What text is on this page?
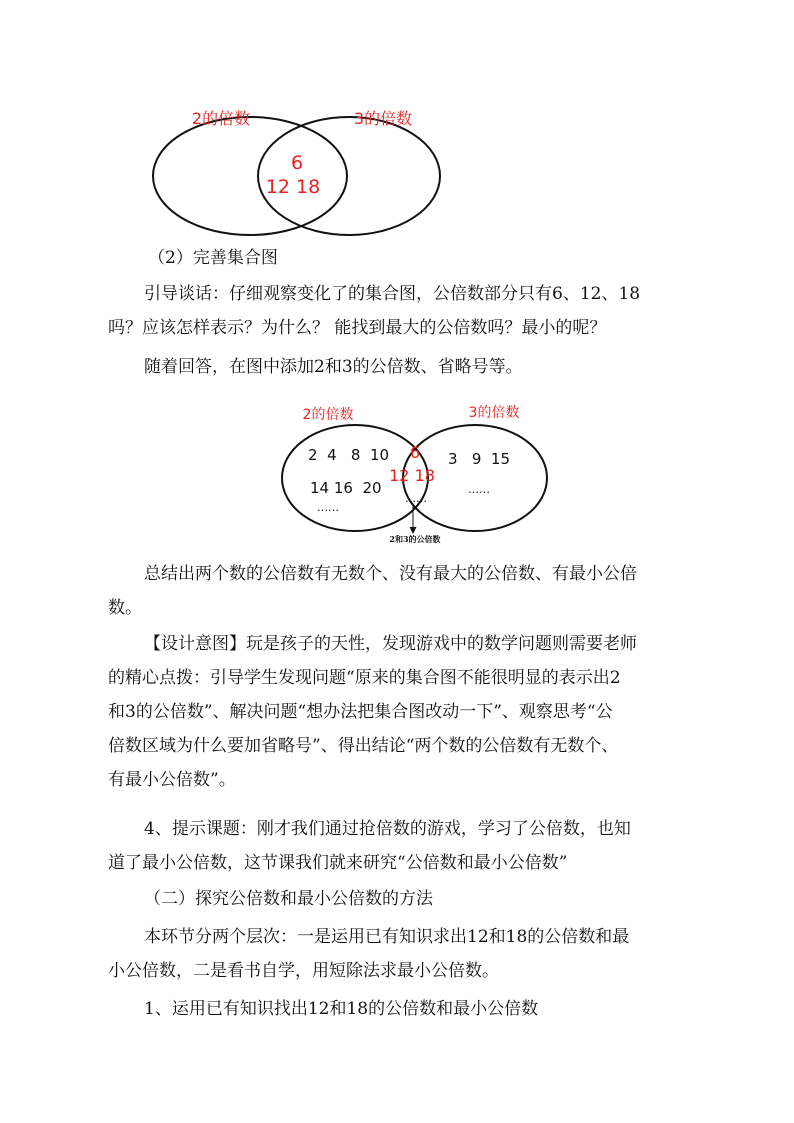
2的倍数	3的倍数
6
12 18

（2）完善集合图

引导谈话：仔细观察变化了的集合图，公倍数部分只有6、12、18
吗？应该怎样表示？为什么？ 能找到最大的公倍数吗？最小的呢？

随着回答，在图中添加2和3的公倍数、省略号等。

2的倍数	3的倍数
2  4   8  10
14 16  20
……
6
12 18
……
3   9  15
……
2和3的公倍数

总结出两个数的公倍数有无数个、没有最大的公倍数、有最小公倍
数。

【设计意图】玩是孩子的天性，发现游戏中的数学问题则需要老师
的精心点拨：引导学生发现问题“原来的集合图不能很明显的表示出2
和3的公倍数”、解决问题“想办法把集合图改动一下”、观察思考“公
倍数区域为什么要加省略号”、得出结论“两个数的公倍数有无数个、
有最小公倍数”。

4、提示课题：刚才我们通过抢倍数的游戏，学习了公倍数，也知
道了最小公倍数，这节课我们就来研究“公倍数和最小公倍数”

（二）探究公倍数和最小公倍数的方法

本环节分两个层次：一是运用已有知识求出12和18的公倍数和最
小公倍数，二是看书自学，用短除法求最小公倍数。

1、运用已有知识找出12和18的公倍数和最小公倍数
